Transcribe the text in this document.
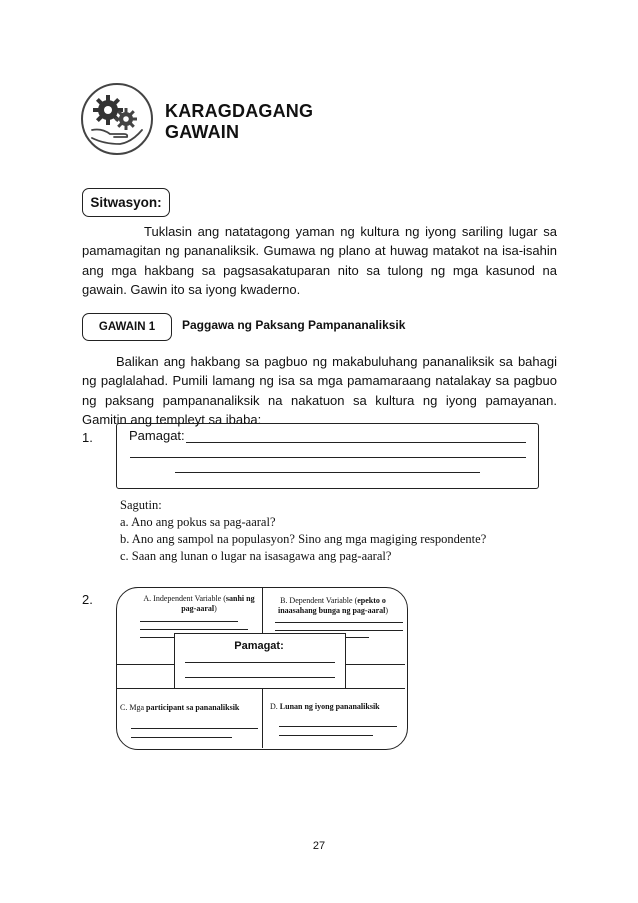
KARAGDAGANG
GAWAIN
Sitwasyon:
Tuklasin ang natatagong yaman ng kultura ng iyong sariling lugar sa pamamagitan ng pananaliksik. Gumawa ng plano at huwag matakot na isa-isahin ang mga hakbang sa pagsasakatuparan nito sa tulong ng mga kasunod na gawain. Gawin ito sa iyong kwaderno.
GAWAIN 1	Paggawa ng Paksang Pampananaliksik
Balikan ang hakbang sa pagbuo ng makabuluhang pananaliksik sa bahagi ng paglalahad. Pumili lamang ng isa sa mga pamamaraang natalakay sa pagbuo ng paksang pampananaliksik na nakatuon sa kultura ng iyong pamayanan. Gamitin ang templeyt sa ibaba:
1.	Pamagat:
Sagutin:
a. Ano ang pokus sa pag-aaral?
b. Ano ang sampol na populasyon? Sino ang mga magiging respondente?
c. Saan ang lunan o lugar na isasagawa ang pag-aaral?
2.	A. Independent Variable (sanhi ng pag-aaral)
B. Dependent Variable (epekto o inaasahang bunga ng pag-aaral)
Pamagat:
C. Mga participant sa pananaliksik	D. Lunan ng iyong pananaliksik
27
